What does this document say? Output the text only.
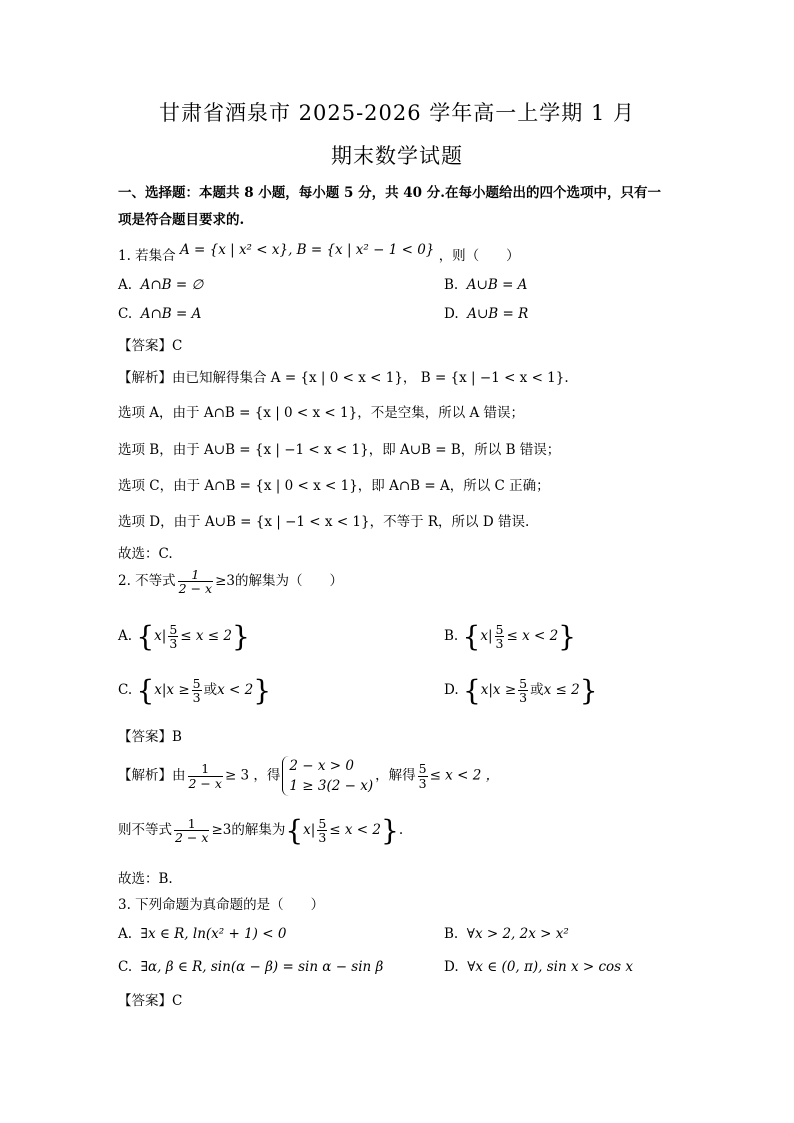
甘肃省酒泉市 2025-2026 学年高一上学期 1 月
期末数学试题
一、选择题：本题共 8 小题，每小题 5 分，共 40 分.在每小题给出的四个选项中，只有一
项是符合题目要求的.
1. 若集合 A = {x | x² < x}, B = {x | x² − 1 < 0} ，则（　　）
A.  A∩B = ∅	B.  A∪B = A
C.  A∩B = A	D.  A∪B = R
【答案】C
【解析】由已知解得集合 A = {x | 0 < x < 1}， B = {x | −1 < x < 1}.
选项 A，由于 A∩B = {x | 0 < x < 1}，不是空集，所以 A 错误；
选项 B，由于 A∪B = {x | −1 < x < 1}，即 A∪B = B，所以 B 错误；
选项 C，由于 A∩B = {x | 0 < x < 1}，即 A∩B = A，所以 C 正确；
选项 D，由于 A∪B = {x | −1 < x < 1}，不等于 R，所以 D 错误.
故选：C.
2. 不等式 $\frac{1}{2 - x} \ge 3$的解集为（　　）
A. $\{x| \frac{5}{3} \le x \le 2\}$	B. $\{x| \frac{5}{3} \le x < 2\}$
C. {$x|x \ge \frac{5}{3}$ 或x < 2}	D. {$x|x \ge \frac{5}{3}$ 或x ≤ 2}
【答案】B
【解析】由 $\frac{1}{2 - x} \ge 3$ ，得
2 − x > 0
1 ≥ 3(2 − x)
，解得 $\frac{5}{3} \le x < 2$ ，
则不等式 $\frac{1}{2 - x} \ge 3$的解集为$\{x| \frac{5}{3} \le x < 2\}$.
故选：B.
3. 下列命题为真命题的是（　　）
A.  ∃x ∈ R, ln(x² + 1) < 0	B.  ∀x > 2, 2x > x²
C.  ∃α, β ∈ R, sin(α − β) = sin α − sin β	D.  ∀x ∈ (0, π), sin x > cos x
【答案】C
